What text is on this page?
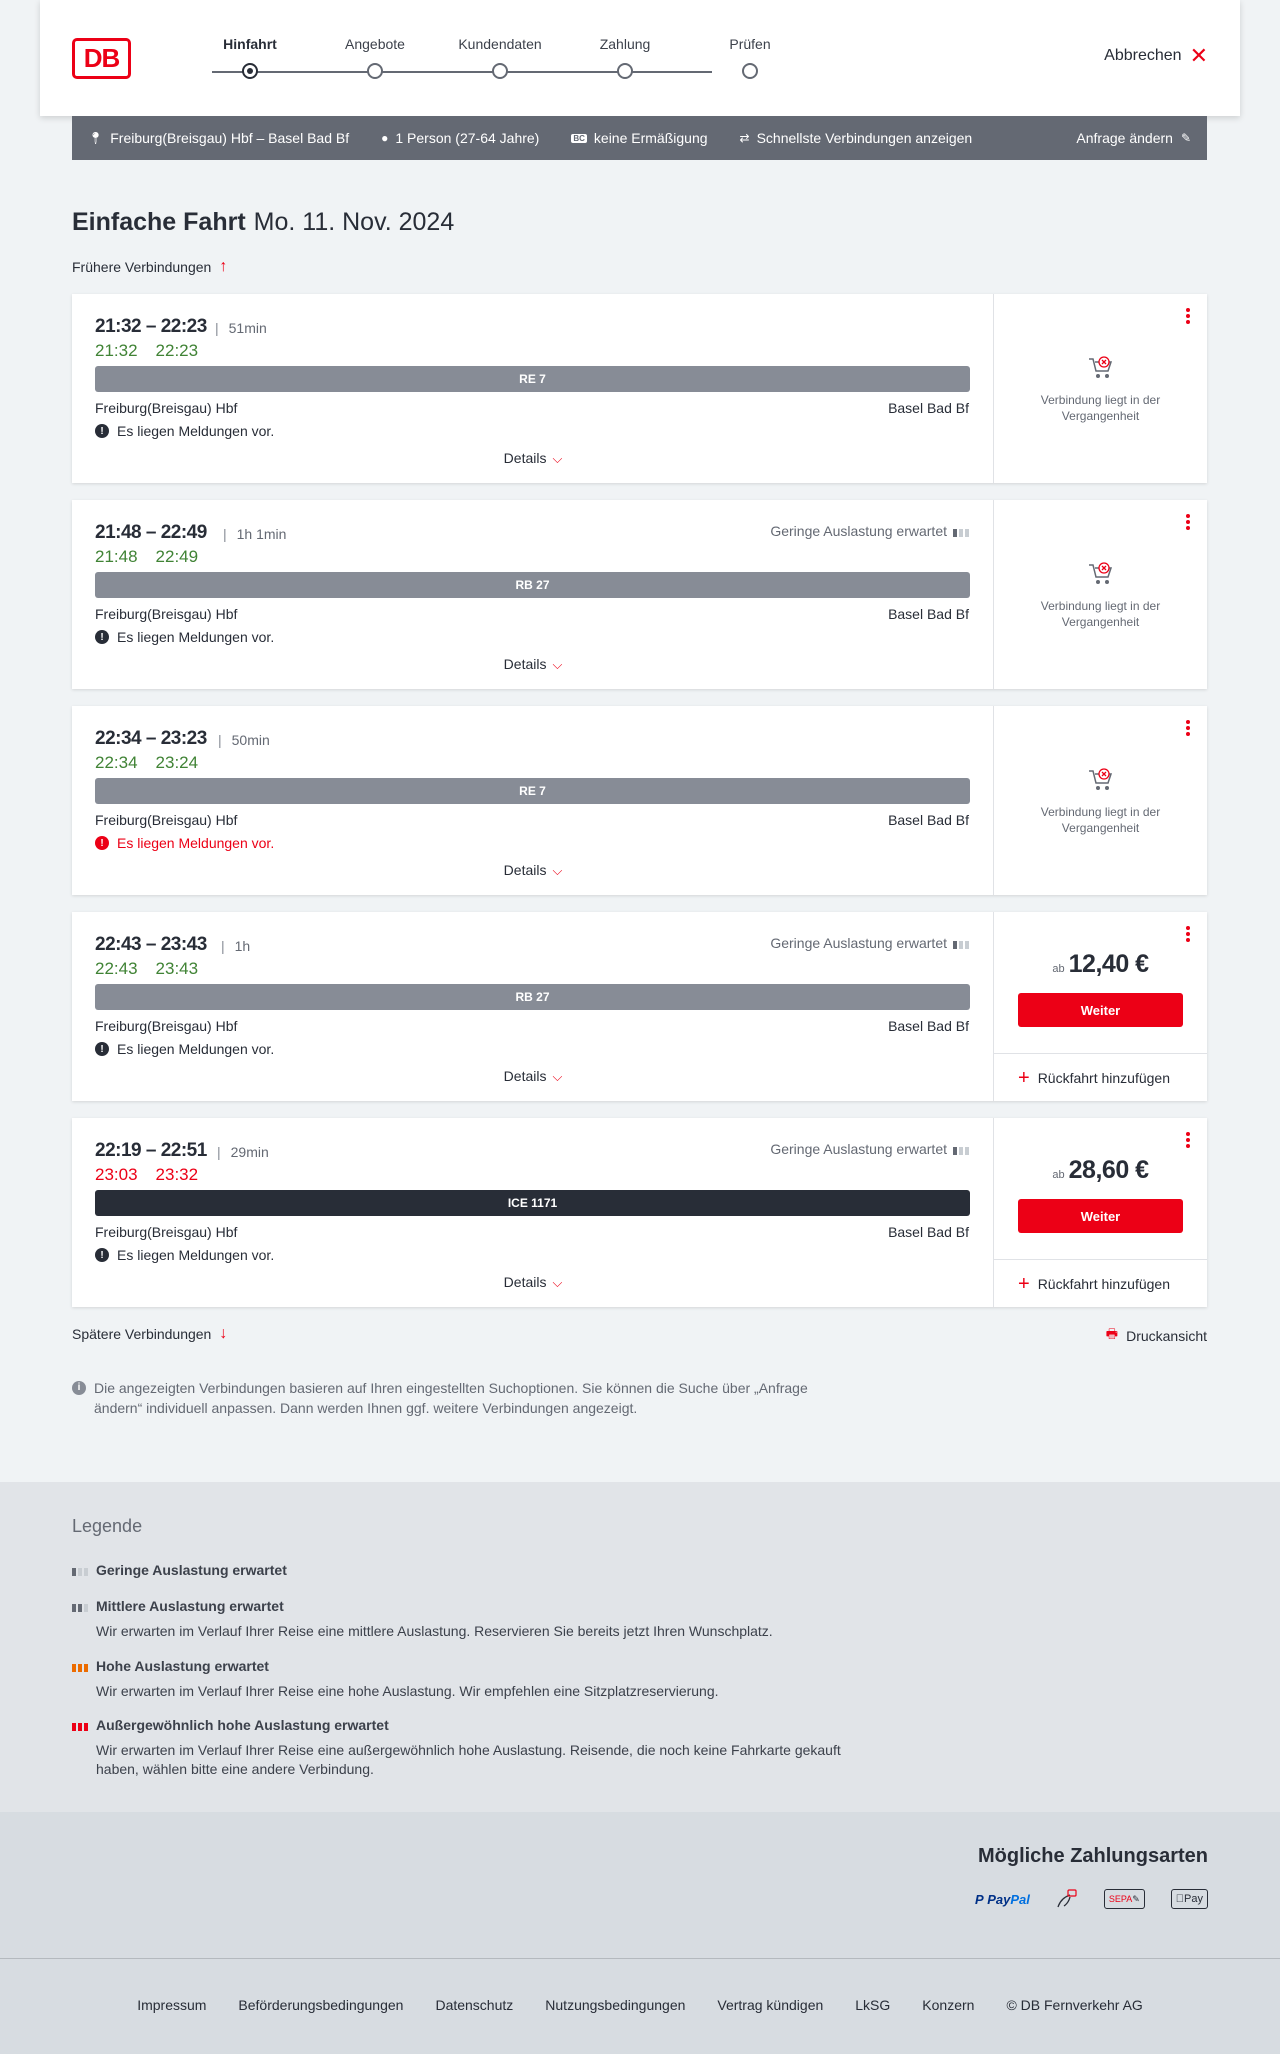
DB	Hinfahrt	Angebote	Kundendaten	Zahlung	Prüfen
Abbrechen ✕
📍︎ Freiburg(Breisgau) Hbf – Basel Bad Bf	● 1 Person (27-64 Jahre)	BC keine Ermäßigung	⇄ Schnellste Verbindungen anzeigen	Anfrage ändern ✎
Einfache Fahrt Mo. 11. Nov. 2024
Frühere Verbindungen ↑
21:32 – 22:23	| 51min
21:32 22:23
RE 7
Freiburg(Breisgau) Hbf	Basel Bad Bf
! Es liegen Meldungen vor.
Details ⌵
Verbindung liegt in der Vergangenheit
21:48 – 22:49	| 1h 1min	Geringe Auslastung erwartet
21:48 22:49
RB 27
Freiburg(Breisgau) Hbf	Basel Bad Bf
! Es liegen Meldungen vor.
Details ⌵
Verbindung liegt in der Vergangenheit
22:34 – 23:23	| 50min
22:34 23:24
RE 7
Freiburg(Breisgau) Hbf	Basel Bad Bf
! Es liegen Meldungen vor.
Details ⌵
Verbindung liegt in der Vergangenheit
22:43 – 23:43	| 1h	Geringe Auslastung erwartet
22:43 23:43
RB 27
Freiburg(Breisgau) Hbf	Basel Bad Bf
! Es liegen Meldungen vor.
Details ⌵
ab 12,40 €
Weiter
+ Rückfahrt hinzufügen
22:19 – 22:51	| 29min	Geringe Auslastung erwartet
23:03 23:32
ICE 1171
Freiburg(Breisgau) Hbf	Basel Bad Bf
! Es liegen Meldungen vor.
Details ⌵
ab 28,60 €
Weiter
+ Rückfahrt hinzufügen
Spätere Verbindungen ↓	🖶︎ Druckansicht
i Die angezeigten Verbindungen basieren auf Ihren eingestellten Suchoptionen. Sie können die Suche über „Anfrage ändern“ individuell anpassen. Dann werden Ihnen ggf. weitere Verbindungen angezeigt.
Legende
Geringe Auslastung erwartet
Mittlere Auslastung erwartet
Wir erwarten im Verlauf Ihrer Reise eine mittlere Auslastung. Reservieren Sie bereits jetzt Ihren Wunschplatz.
Hohe Auslastung erwartet
Wir erwarten im Verlauf Ihrer Reise eine hohe Auslastung. Wir empfehlen eine Sitzplatzreservierung.
Außergewöhnlich hohe Auslastung erwartet
Wir erwarten im Verlauf Ihrer Reise eine außergewöhnlich hohe Auslastung. Reisende, die noch keine Fahrkarte gekauft haben, wählen bitte eine andere Verbindung.
Mögliche Zahlungsarten
P Pay Pal	SEPA ✎	Pay
Impressum Beförderungsbedingungen Datenschutz Nutzungsbedingungen Vertrag kündigen LkSG Konzern © DB Fernverkehr AG
